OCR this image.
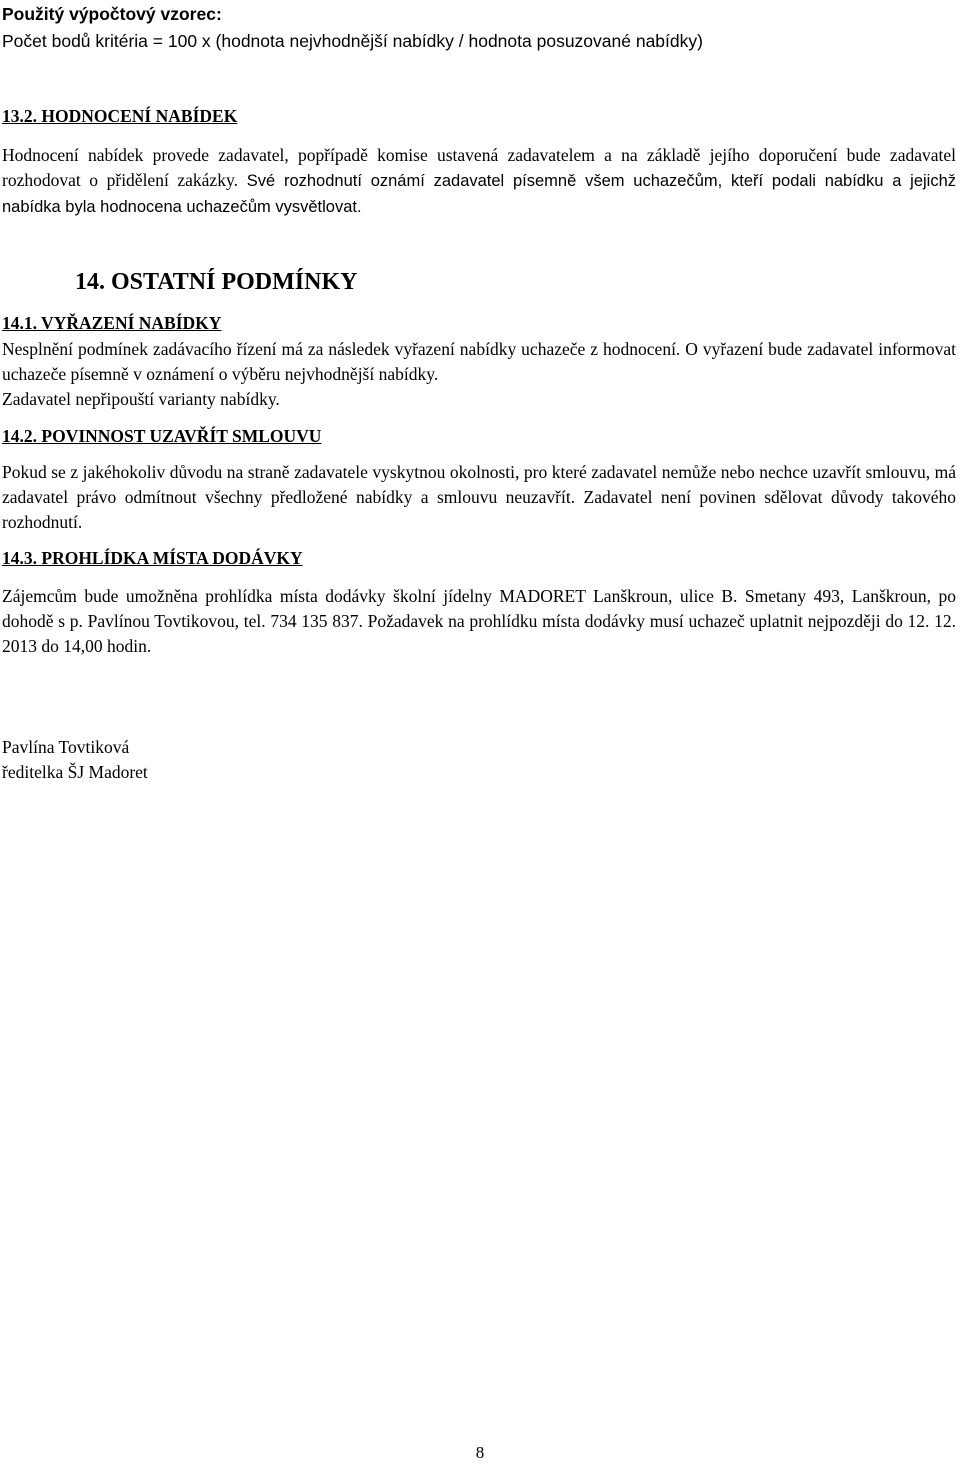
Použitý výpočtový vzorec:

Počet bodů kritéria = 100 x (hodnota nejvhodnější nabídky / hodnota posuzované nabídky)

13.2. HODNOCENÍ NABÍDEK

Hodnocení nabídek provede zadavatel, popřípadě komise ustavená zadavatelem a na základě jejího doporučení bude zadavatel rozhodovat o přidělení zakázky. Své rozhodnutí oznámí zadavatel písemně všem uchazečům, kteří podali nabídku a jejichž nabídka byla hodnocena uchazečům vysvětlovat.

14. OSTATNÍ PODMÍNKY

14.1. VYŘAZENÍ NABÍDKY

Nesplnění podmínek zadávacího řízení má za následek vyřazení nabídky uchazeče z hodnocení. O vyřazení bude zadavatel informovat uchazeče písemně v oznámení o výběru nejvhodnější nabídky.

Zadavatel nepřipouští varianty nabídky.

14.2. POVINNOST UZAVŘÍT SMLOUVU

Pokud se z jakéhokoliv důvodu na straně zadavatele vyskytnou okolnosti, pro které zadavatel nemůže nebo nechce uzavřít smlouvu, má zadavatel právo odmítnout všechny předložené nabídky a smlouvu neuzavřít. Zadavatel není povinen sdělovat důvody takového rozhodnutí.

14.3. PROHLÍDKA MÍSTA DODÁVKY

Zájemcům bude umožněna prohlídka místa dodávky školní jídelny MADORET Lanškroun, ulice B. Smetany 493, Lanškroun, po dohodě s p. Pavlínou Tovtikovou, tel. 734 135 837. Požadavek na prohlídku místa dodávky musí uchazeč uplatnit nejpozději do 12. 12. 2013 do 14,00 hodin.

Pavlína Tovtiková

ředitelka ŠJ Madoret

8
